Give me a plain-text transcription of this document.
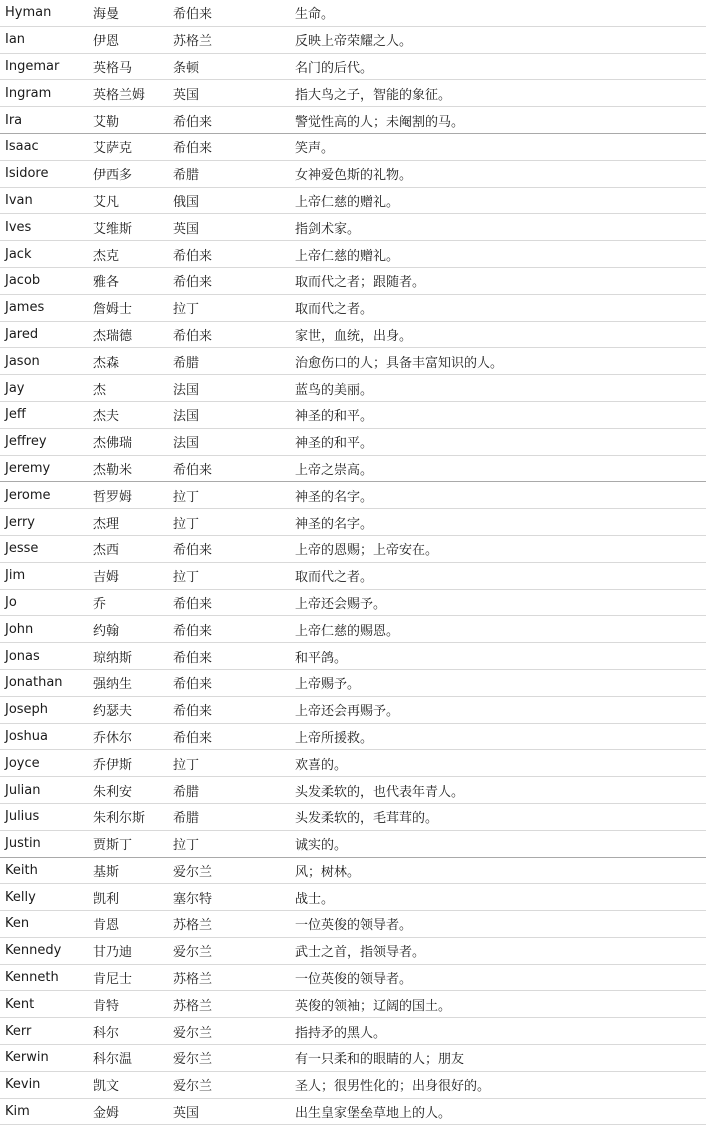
Hyman	海曼	希伯来	生命。
Ian	伊恩	苏格兰	反映上帝荣耀之人。
Ingemar	英格马	条顿	名门的后代。
Ingram	英格兰姆	英国	指大鸟之子，智能的象征。
Ira	艾勒	希伯来	警觉性高的人；未阉割的马。
Isaac	艾萨克	希伯来	笑声。
Isidore	伊西多	希腊	女神爱色斯的礼物。
Ivan	艾凡	俄国	上帝仁慈的赠礼。
Ives	艾维斯	英国	指剑术家。
Jack	杰克	希伯来	上帝仁慈的赠礼。
Jacob	雅各	希伯来	取而代之者；跟随者。
James	詹姆士	拉丁	取而代之者。
Jared	杰瑞德	希伯来	家世，血统，出身。
Jason	杰森	希腊	治愈伤口的人；具备丰富知识的人。
Jay	杰	法国	蓝鸟的美丽。
Jeff	杰夫	法国	神圣的和平。
Jeffrey	杰佛瑞	法国	神圣的和平。
Jeremy	杰勒米	希伯来	上帝之崇高。
Jerome	哲罗姆	拉丁	神圣的名字。
Jerry	杰理	拉丁	神圣的名字。
Jesse	杰西	希伯来	上帝的恩赐；上帝安在。
Jim	吉姆	拉丁	取而代之者。
Jo	乔	希伯来	上帝还会赐予。
John	约翰	希伯来	上帝仁慈的赐恩。
Jonas	琼纳斯	希伯来	和平鸽。
Jonathan	强纳生	希伯来	上帝赐予。
Joseph	约瑟夫	希伯来	上帝还会再赐予。
Joshua	乔休尔	希伯来	上帝所援救。
Joyce	乔伊斯	拉丁	欢喜的。
Julian	朱利安	希腊	头发柔软的，也代表年青人。
Julius	朱利尔斯	希腊	头发柔软的，毛茸茸的。
Justin	贾斯丁	拉丁	诚实的。
Keith	基斯	爱尔兰	风；树林。
Kelly	凯利	塞尔特	战士。
Ken	肯恩	苏格兰	一位英俊的领导者。
Kennedy	甘乃迪	爱尔兰	武士之首，指领导者。
Kenneth	肯尼士	苏格兰	一位英俊的领导者。
Kent	肯特	苏格兰	英俊的领袖；辽阔的国土。
Kerr	科尔	爱尔兰	指持矛的黑人。
Kerwin	科尔温	爱尔兰	有一只柔和的眼睛的人；朋友
Kevin	凯文	爱尔兰	圣人；很男性化的；出身很好的。
Kim	金姆	英国	出生皇家堡垒草地上的人。
